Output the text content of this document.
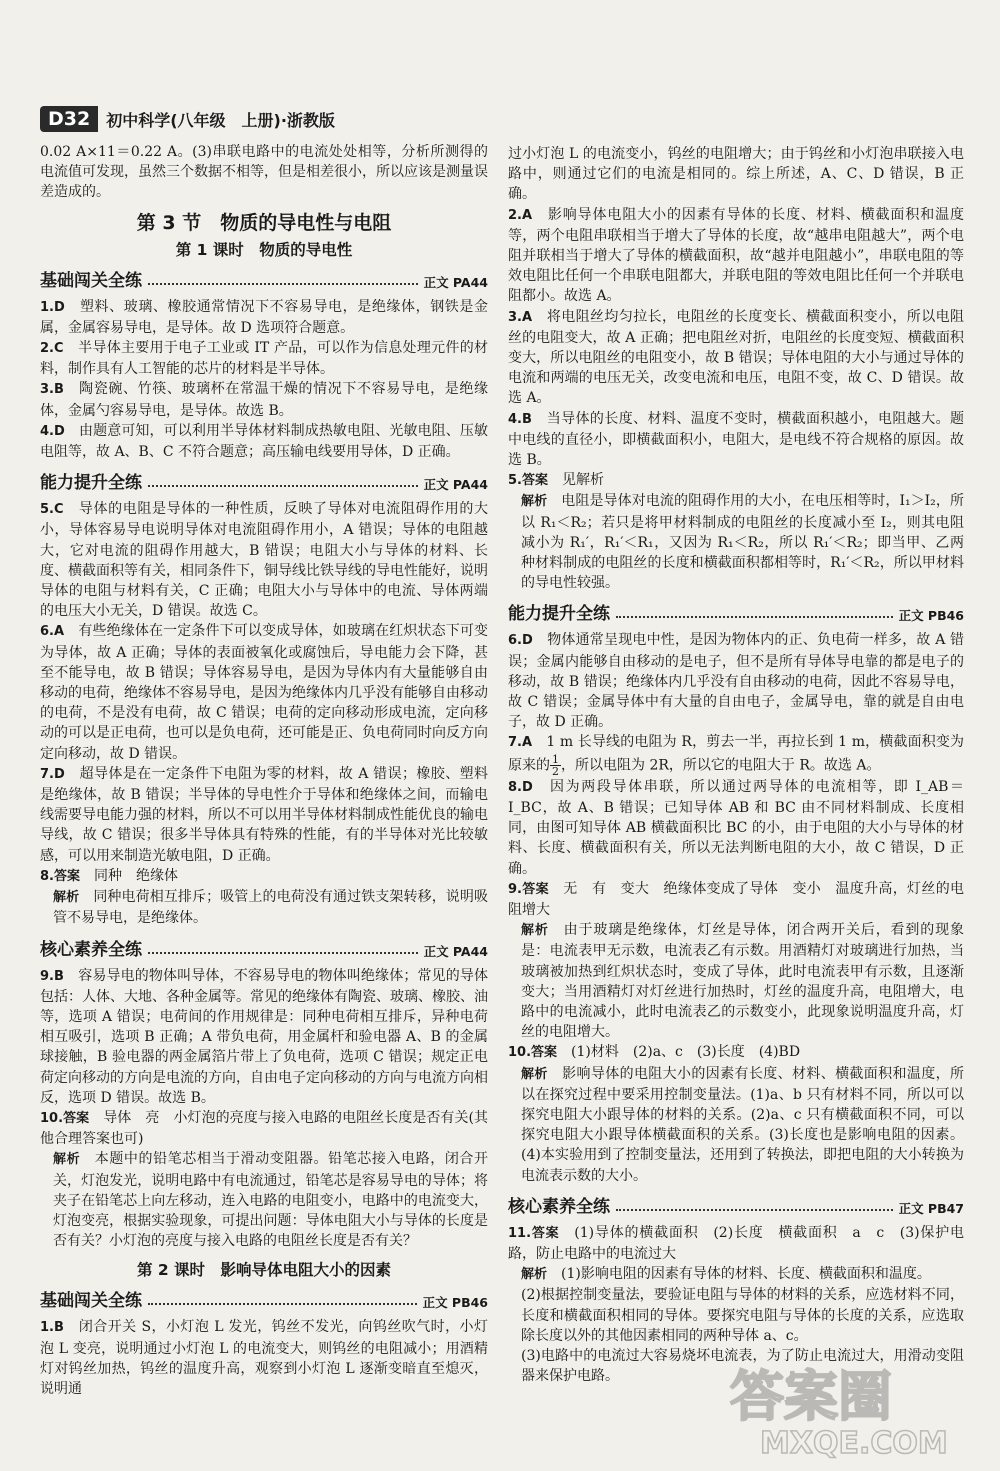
D32	初中科学(八年级　上册)·浙教版

0.02 A×11＝0.22 A。(3)串联电路中的电流处处相等，分析所测得的电流值可发现，虽然三个数据不相等，但是相差很小，所以应该是测量误差造成的。

第 3 节　物质的导电性与电阻
第 1 课时　物质的导电性
基础闯关全练	正文 PA44

1.D　 塑料、玻璃、橡胶通常情况下不容易导电，是绝缘体，钢铁是金属，金属容易导电，是导体。故 D 选项符合题意。

2.C　 半导体主要用于电子工业或 IT 产品，可以作为信息处理元件的材料，制作具有人工智能的芯片的材料是半导体。

3.B　 陶瓷碗、竹筷、玻璃杯在常温干燥的情况下不容易导电，是绝缘体，金属勺容易导电，是导体。故选 B。

4.D　 由题意可知，可以利用半导体材料制成热敏电阻、光敏电阻、压敏电阻等，故 A、B、C 不符合题意；高压输电线要用导体，D 正确。

能力提升全练	正文 PA44

5.C　 导体的电阻是导体的一种性质，反映了导体对电流阻碍作用的大小，导体容易导电说明导体对电流阻碍作用小，A 错误；导体的电阻越大，它对电流的阻碍作用越大，B 错误；电阻大小与导体的材料、长度、横截面积等有关，相同条件下，铜导线比铁导线的导电性能好，说明导体的电阻与材料有关，C 正确；电阻大小与导体中的电流、导体两端的电压大小无关，D 错误。故选 C。

6.A　 有些绝缘体在一定条件下可以变成导体，如玻璃在红炽状态下可变为导体，故 A 正确；导体的表面被氧化或腐蚀后，导电能力会下降，甚至不能导电，故 B 错误；导体容易导电，是因为导体内有大量能够自由移动的电荷，绝缘体不容易导电，是因为绝缘体内几乎没有能够自由移动的电荷，不是没有电荷，故 C 错误；电荷的定向移动形成电流，定向移动的可以是正电荷，也可以是负电荷，还可能是正、负电荷同时向反方向定向移动，故 D 错误。

7.D　 超导体是在一定条件下电阻为零的材料，故 A 错误；橡胶、塑料是绝缘体，故 B 错误；半导体的导电性介于导体和绝缘体之间，而输电线需要导电能力强的材料，所以不可以用半导体材料制成性能优良的输电导线，故 C 错误；很多半导体具有特殊的性能，有的半导体对光比较敏感，可以用来制造光敏电阻，D 正确。

8.答案　 同种　绝缘体

解析　 同种电荷相互排斥；吸管上的电荷没有通过铁支架转移，说明吸管不易导电，是绝缘体。

核心素养全练	正文 PA44

9.B　 容易导电的物体叫导体，不容易导电的物体叫绝缘体；常见的导体包括：人体、大地、各种金属等。常见的绝缘体有陶瓷、玻璃、橡胶、油等，选项 A 错误；电荷间的作用规律是：同种电荷相互排斥，异种电荷相互吸引，选项 B 正确；A 带负电荷，用金属杆和验电器 A、B 的金属球接触，B 验电器的两金属箔片带上了负电荷，选项 C 错误；规定正电荷定向移动的方向是电流的方向，自由电子定向移动的方向与电流方向相反，选项 D 错误。故选 B。

10.答案　 导体　亮　小灯泡的亮度与接入电路的电阻丝长度是否有关(其他合理答案也可)

解析　 本题中的铅笔芯相当于滑动变阻器。铅笔芯接入电路，闭合开关，灯泡发光，说明电路中有电流通过，铅笔芯是容易导电的导体；将夹子在铅笔芯上向左移动，连入电路的电阻变小，电路中的电流变大，灯泡变亮，根据实验现象，可提出问题：导体电阻大小与导体的长度是否有关？小灯泡的亮度与接入电路的电阻丝长度是否有关？

第 2 课时　影响导体电阻大小的因素
基础闯关全练	正文 PB46

1.B　 闭合开关 S，小灯泡 L 发光，钨丝不发光，向钨丝吹气时，小灯泡 L 变亮，说明通过小灯泡 L 的电流变大，则钨丝的电阻减小；用酒精灯对钨丝加热，钨丝的温度升高，观察到小灯泡 L 逐渐变暗直至熄灭，说明通

过小灯泡 L 的电流变小，钨丝的电阻增大；由于钨丝和小灯泡串联接入电路中，则通过它们的电流是相同的。综上所述，A、C、D 错误，B 正确。

2.A　 影响导体电阻大小的因素有导体的长度、材料、横截面积和温度等，两个电阻串联相当于增大了导体的长度，故“越串电阻越大”，两个电阻并联相当于增大了导体的横截面积，故“越并电阻越小”，串联电阻的等效电阻比任何一个串联电阻都大，并联电阻的等效电阻比任何一个并联电阻都小。故选 A。

3.A　 将电阻丝均匀拉长，电阻丝的长度变长、横截面积变小，所以电阻丝的电阻变大，故 A 正确；把电阻丝对折，电阻丝的长度变短、横截面积变大，所以电阻丝的电阻变小，故 B 错误；导体电阻的大小与通过导体的电流和两端的电压无关，改变电流和电压，电阻不变，故 C、D 错误。故选 A。

4.B　 当导体的长度、材料、温度不变时，横截面积越小，电阻越大。题中电线的直径小，即横截面积小，电阻大，是电线不符合规格的原因。故选 B。

5.答案　 见解析

解析　 电阻是导体对电流的阻碍作用的大小，在电压相等时，I₁＞I₂，所以 R₁＜R₂；若只是将甲材料制成的电阻丝的长度减小至 I₂，则其电阻减小为 R₁′，R₁′＜R₁，又因为 R₁＜R₂，所以 R₁′＜R₂；即当甲、乙两种材料制成的电阻丝的长度和横截面积都相等时，R₁′＜R₂，所以甲材料的导电性较强。

能力提升全练	正文 PB46

6.D　 物体通常呈现电中性，是因为物体内的正、负电荷一样多，故 A 错误；金属内能够自由移动的是电子，但不是所有导体导电靠的都是电子的移动，故 B 错误；绝缘体内几乎没有自由移动的电荷，因此不容易导电，故 C 错误；金属导体中有大量的自由电子，金属导电，靠的就是自由电子，故 D 正确。

7.A　 1 m 长导线的电阻为 R，剪去一半，再拉长到 1 m，横截面积变为原来的 $\frac{1}{2}$ ，所以电阻为 2R，所以它的电阻大于 R。故选 A。

8.D　 因为两段导体串联，所以通过两导体的电流相等，即 I_AB＝I_BC，故 A、B 错误；已知导体 AB 和 BC 由不同材料制成、长度相同，由图可知导体 AB 横截面积比 BC 的小，由于电阻的大小与导体的材料、长度、横截面积有关，所以无法判断电阻的大小，故 C 错误，D 正确。

9.答案　 无　有　变大　绝缘体变成了导体　变小　温度升高，灯丝的电阻增大

解析　 由于玻璃是绝缘体，灯丝是导体，闭合两开关后，看到的现象是：电流表甲无示数，电流表乙有示数。用酒精灯对玻璃进行加热，当玻璃被加热到红炽状态时，变成了导体，此时电流表甲有示数，且逐渐变大；当用酒精灯对灯丝进行加热时，灯丝的温度升高，电阻增大，电路中的电流减小，此时电流表乙的示数变小，此现象说明温度升高，灯丝的电阻增大。

10.答案　 (1)材料　(2)a、c　(3)长度　(4)BD

解析　 影响导体的电阻大小的因素有长度、材料、横截面积和温度，所以在探究过程中要采用控制变量法。(1)a、b 只有材料不同，所以可以探究电阻大小跟导体的材料的关系。(2)a、c 只有横截面积不同，可以探究电阻大小跟导体横截面积的关系。(3)长度也是影响电阻的因素。(4)本实验用到了控制变量法，还用到了转换法，即把电阻的大小转换为电流表示数的大小。

核心素养全练	正文 PB47

11.答案　 (1)导体的横截面积　(2)长度　横截面积　a　c　(3)保护电路，防止电路中的电流过大

解析　 (1)影响电阻的因素有导体的材料、长度、横截面积和温度。

(2)根据控制变量法，要验证电阻与导体的材料的关系，应选材料不同，长度和横截面积相同的导体。要探究电阻与导体的长度的关系，应选取除长度以外的其他因素相同的两种导体 a、c。

(3)电路中的电流过大容易烧坏电流表，为了防止电流过大，用滑动变阻器来保护电路。	答案圈
MXQE.COM
